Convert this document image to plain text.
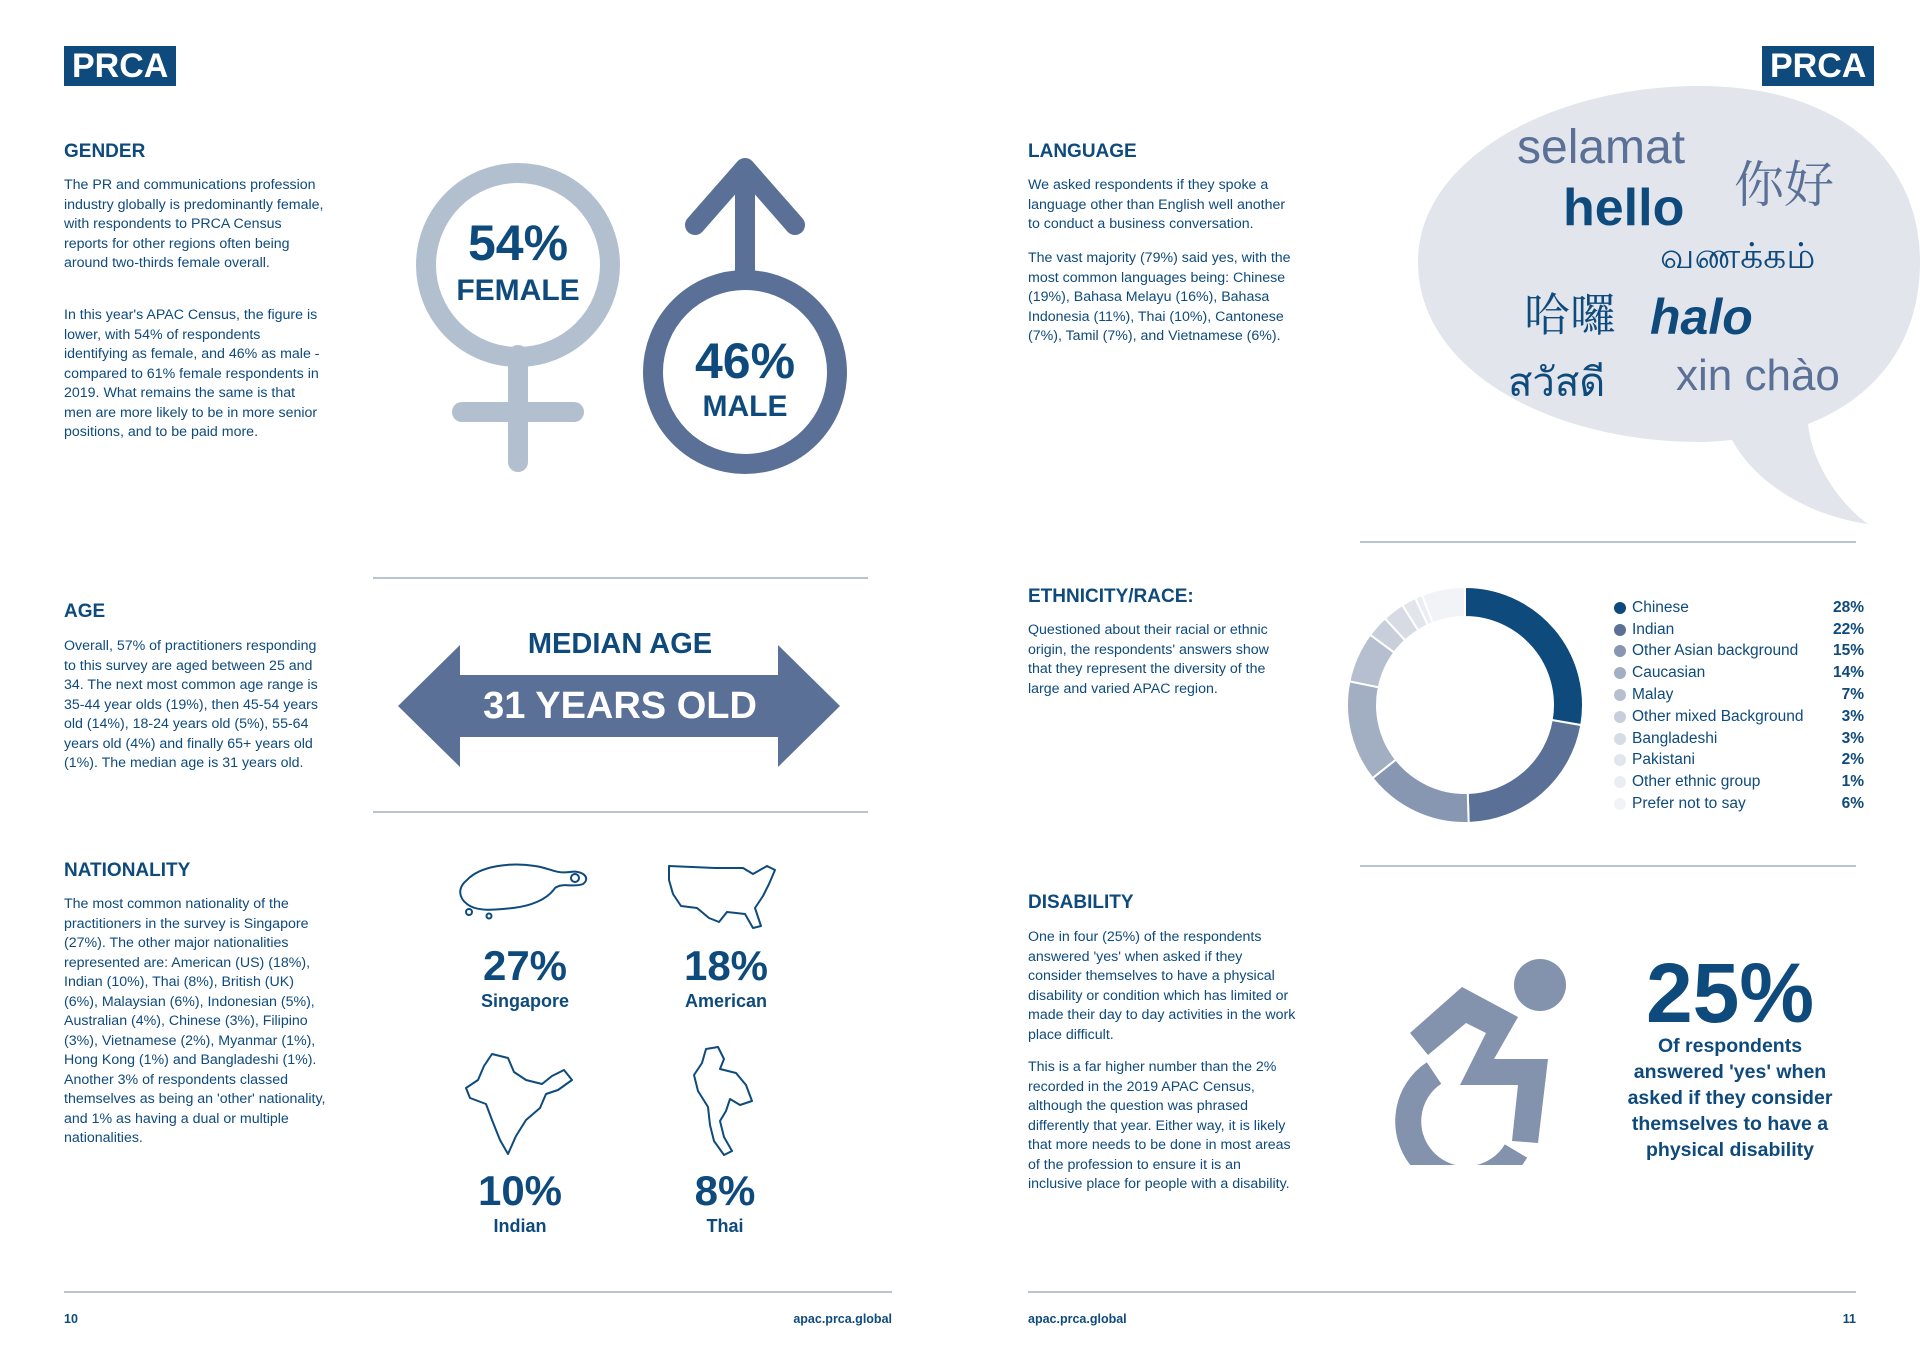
PRCA
GENDER

The PR and communications profession industry globally is predominantly female, with respondents to PRCA Census reports for other regions often being around two-thirds female overall.

In this year's APAC Census, the figure is lower, with 54% of respondents identifying as female, and 46% as male - compared to 61% female respondents in 2019. What remains the same is that men are more likely to be in more senior positions, and to be paid more.

54%
FEMALE
46%
MALE
AGE

Overall, 57% of practitioners responding to this survey are aged between 25 and 34. The next most common age range is 35-44 year olds (19%), then 45-54 years old (14%), 18-24 years old (5%), 55-64 years old (4%) and finally 65+ years old (1%). The median age is 31 years old.

MEDIAN AGE
31 YEARS OLD
NATIONALITY

The most common nationality of the practitioners in the survey is Singapore (27%). The other major nationalities represented are: American (US) (18%), Indian (10%), Thai (8%), British (UK) (6%), Malaysian (6%), Indonesian (5%), Australian (4%), Chinese (3%), Filipino (3%), Vietnamese (2%), Myanmar (1%), Hong Kong (1%) and Bangladeshi (1%). Another 3% of respondents classed themselves as being an 'other' nationality, and 1% as having a dual or multiple nationalities.

27%
Singapore
18%
American
10%
Indian
8%
Thai
10	apac.prca.global
PRCA
LANGUAGE

We asked respondents if they spoke a language other than English well another to conduct a business conversation.

The vast majority (79%) said yes, with the most common languages being: Chinese (19%), Bahasa Melayu (16%), Bahasa Indonesia (11%), Thai (10%), Cantonese (7%), Tamil (7%), and Vietnamese (6%).

selamat
hello 你好
வணக்கம்
哈囉 halo
สวัสดี xin chào
ETHNICITY/RACE:

Questioned about their racial or ethnic origin, the respondents' answers show that they represent the diversity of the large and varied APAC region.

Chinese	28%
Indian	22%
Other Asian background	15%
Caucasian	14%
Malay	7%
Other mixed Background	3%
Bangladeshi	3%
Pakistani	2%
Other ethnic group	1%
Prefer not to say	6%
DISABILITY

One in four (25%) of the respondents answered 'yes' when asked if they consider themselves to have a physical disability or condition which has limited or made their day to day activities in the work place difficult.

This is a far higher number than the 2% recorded in the 2019 APAC Census, although the question was phrased differently that year. Either way, it is likely that more needs to be done in most areas of the profession to ensure it is an inclusive place for people with a disability.

25%
Of respondents answered 'yes' when asked if they consider themselves to have a physical disability
apac.prca.global	11
